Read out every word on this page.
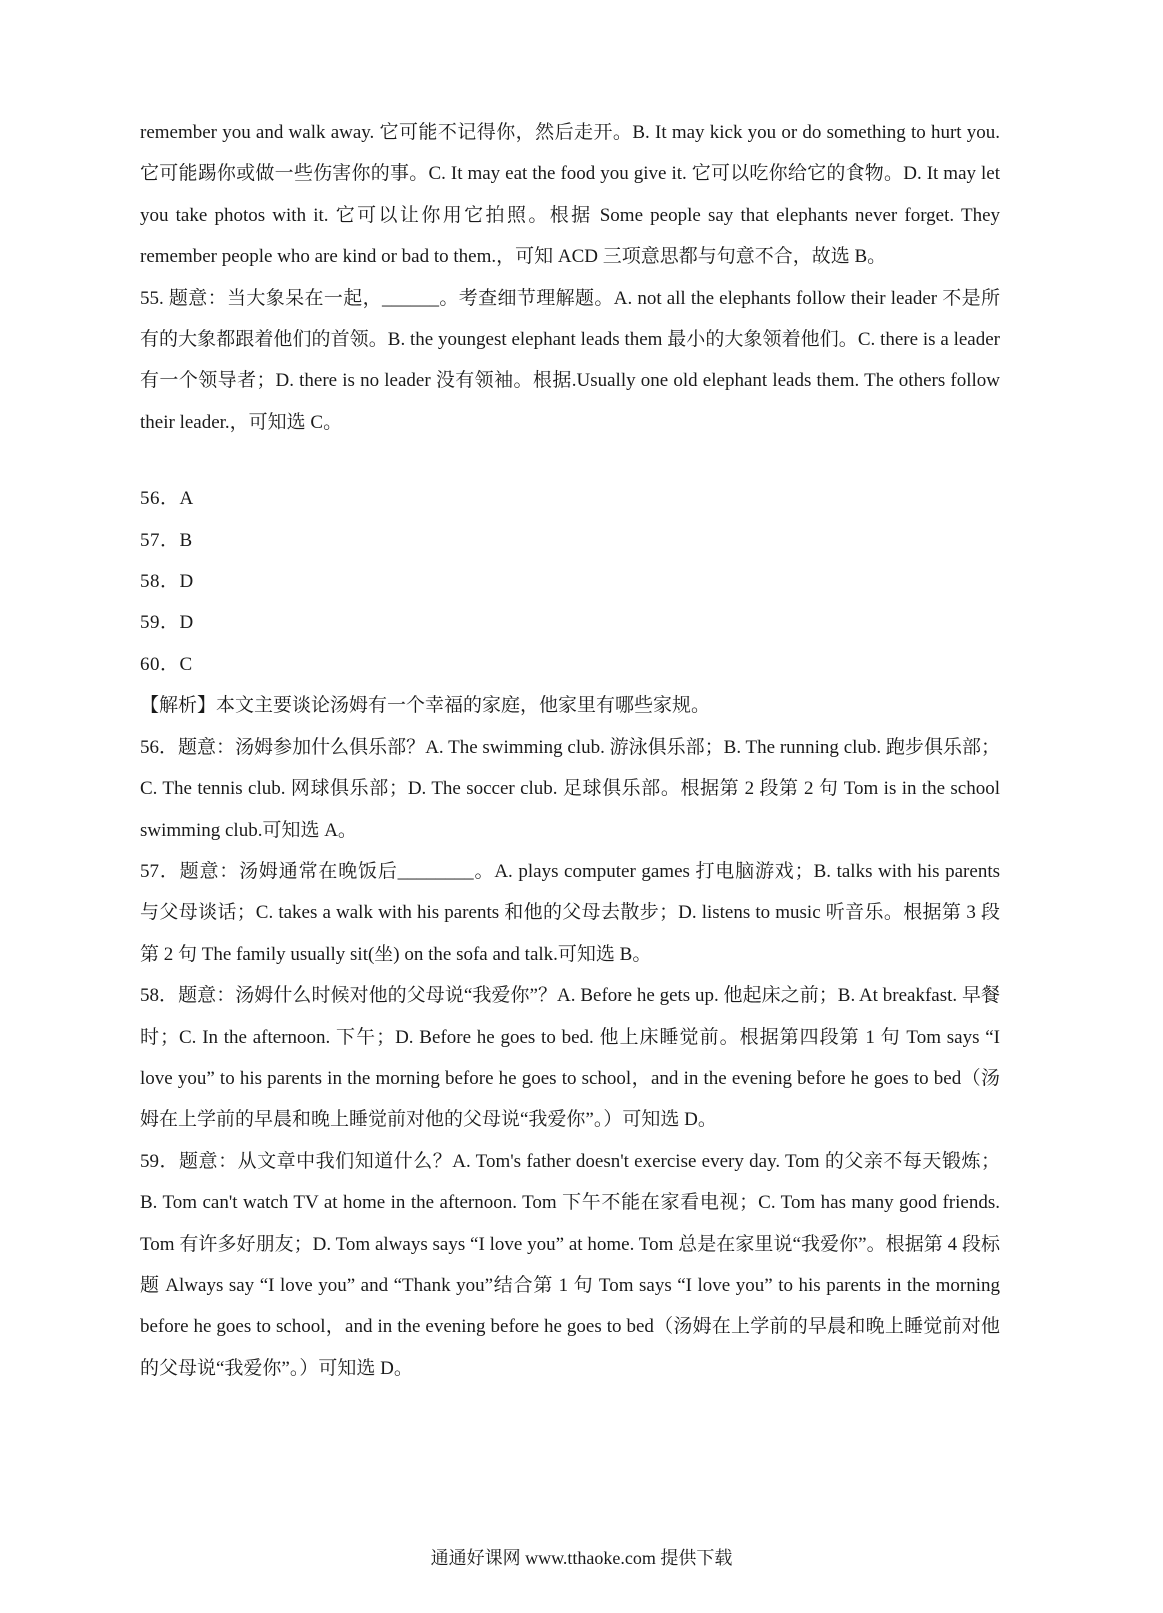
remember you and walk away. 它可能不记得你，然后走开。B. It may kick you or do something to hurt you. 它可能踢你或做一些伤害你的事。C. It may eat the food you give it. 它可以吃你给它的食物。D. It may let you take photos with it. 它可以让你用它拍照。根据 Some people say that elephants never forget. They remember people who are kind or bad to them.，可知 ACD 三项意思都与句意不合，故选 B。

55. 题意：当大象呆在一起，______。考查细节理解题。A. not all the elephants follow their leader 不是所有的大象都跟着他们的首领。B. the youngest elephant leads them 最小的大象领着他们。C. there is a leader 有一个领导者；D. there is no leader 没有领袖。根据.Usually one old elephant leads them. The others follow their leader.，可知选 C。

56．A

57．B

58．D

59．D

60．C

【解析】本文主要谈论汤姆有一个幸福的家庭，他家里有哪些家规。

56．题意：汤姆参加什么俱乐部？A. The swimming club. 游泳俱乐部；B. The running club. 跑步俱乐部；C. The tennis club. 网球俱乐部；D. The soccer club. 足球俱乐部。根据第 2 段第 2 句 Tom is in the school swimming club.可知选 A。

57．题意：汤姆通常在晚饭后________。A. plays computer games 打电脑游戏；B. talks with his parents 与父母谈话；C. takes a walk with his parents 和他的父母去散步；D. listens to music 听音乐。根据第 3 段第 2 句 The family usually sit(坐) on the sofa and talk.可知选 B。

58．题意：汤姆什么时候对他的父母说“我爱你”？A. Before he gets up. 他起床之前；B. At breakfast. 早餐时；C. In the afternoon. 下午；D. Before he goes to bed. 他上床睡觉前。根据第四段第 1 句 Tom says “I love you” to his parents in the morning before he goes to school，and in the evening before he goes to bed（汤姆在上学前的早晨和晚上睡觉前对他的父母说“我爱你”。）可知选 D。

59．题意：从文章中我们知道什么？A. Tom's father doesn't exercise every day. Tom 的父亲不每天锻炼；B. Tom can't watch TV at home in the afternoon. Tom 下午不能在家看电视；C. Tom has many good friends. Tom 有许多好朋友；D. Tom always says “I love you” at home. Tom 总是在家里说“我爱你”。根据第 4 段标题 Always say “I love you” and “Thank you”结合第 1 句 Tom says “I love you” to his parents in the morning before he goes to school，and in the evening before he goes to bed（汤姆在上学前的早晨和晚上睡觉前对他的父母说“我爱你”。）可知选 D。

通通好课网 www.tthaoke.com 提供下载
